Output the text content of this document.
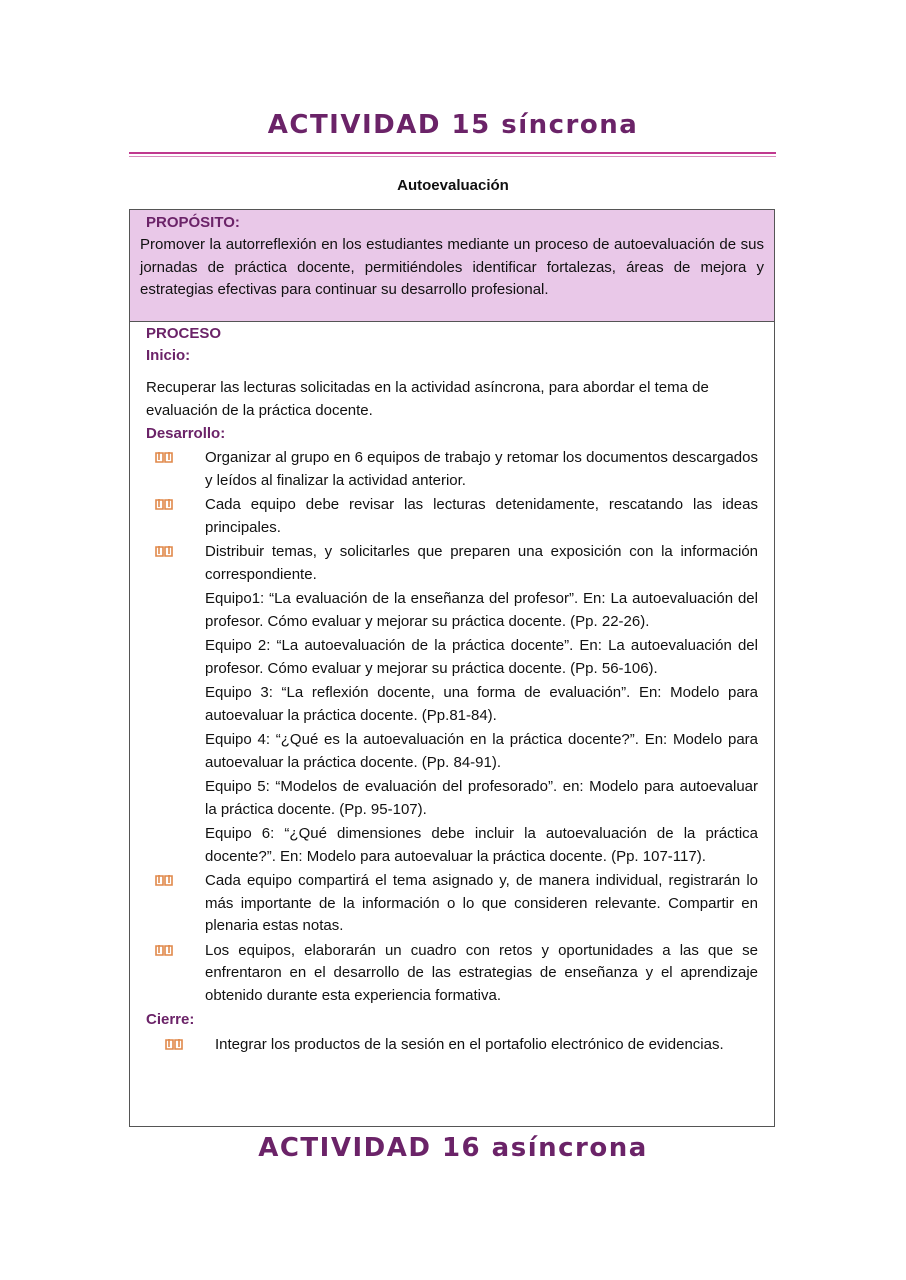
ACTIVIDAD 15 síncrona
Autoevaluación
PROPÓSITO:
Promover la autorreflexión en los estudiantes mediante un proceso de autoevaluación de sus jornadas de práctica docente, permitiéndoles identificar fortalezas, áreas de mejora y estrategias efectivas para continuar su desarrollo profesional.
PROCESO
Inicio:
Recuperar las lecturas solicitadas en la actividad asíncrona, para abordar el tema de evaluación de la práctica docente.
Desarrollo:
Organizar al grupo en 6 equipos de trabajo y retomar los documentos descargados y leídos al finalizar la actividad anterior.
Cada equipo debe revisar las lecturas detenidamente, rescatando las ideas principales.
Distribuir temas, y solicitarles que preparen una exposición con la información correspondiente.
Equipo1: “La evaluación de la enseñanza del profesor”. En: La autoevaluación del profesor. Cómo evaluar y mejorar su práctica docente. (Pp. 22-26).
Equipo 2: “La autoevaluación de la práctica docente”. En: La autoevaluación del profesor. Cómo evaluar y mejorar su práctica docente. (Pp. 56-106).
Equipo 3: “La reflexión docente, una forma de evaluación”. En: Modelo para autoevaluar la práctica docente. (Pp.81-84).
Equipo 4: “¿Qué es la autoevaluación en la práctica docente?”. En: Modelo para autoevaluar la práctica docente. (Pp. 84-91).
Equipo 5: “Modelos de evaluación del profesorado”. en: Modelo para autoevaluar la práctica docente. (Pp. 95-107).
Equipo 6: “¿Qué dimensiones debe incluir la autoevaluación de la práctica docente?”. En: Modelo para autoevaluar la práctica docente. (Pp. 107-117).
Cada equipo compartirá el tema asignado y, de manera individual, registrarán lo más importante de la información o lo que consideren relevante. Compartir en plenaria estas notas.
Los equipos, elaborarán un cuadro con retos y oportunidades a las que se enfrentaron en el desarrollo de las estrategias de enseñanza y el aprendizaje obtenido durante esta experiencia formativa.
Cierre:
Integrar los productos de la sesión en el portafolio electrónico de evidencias.
ACTIVIDAD 16 asíncrona
